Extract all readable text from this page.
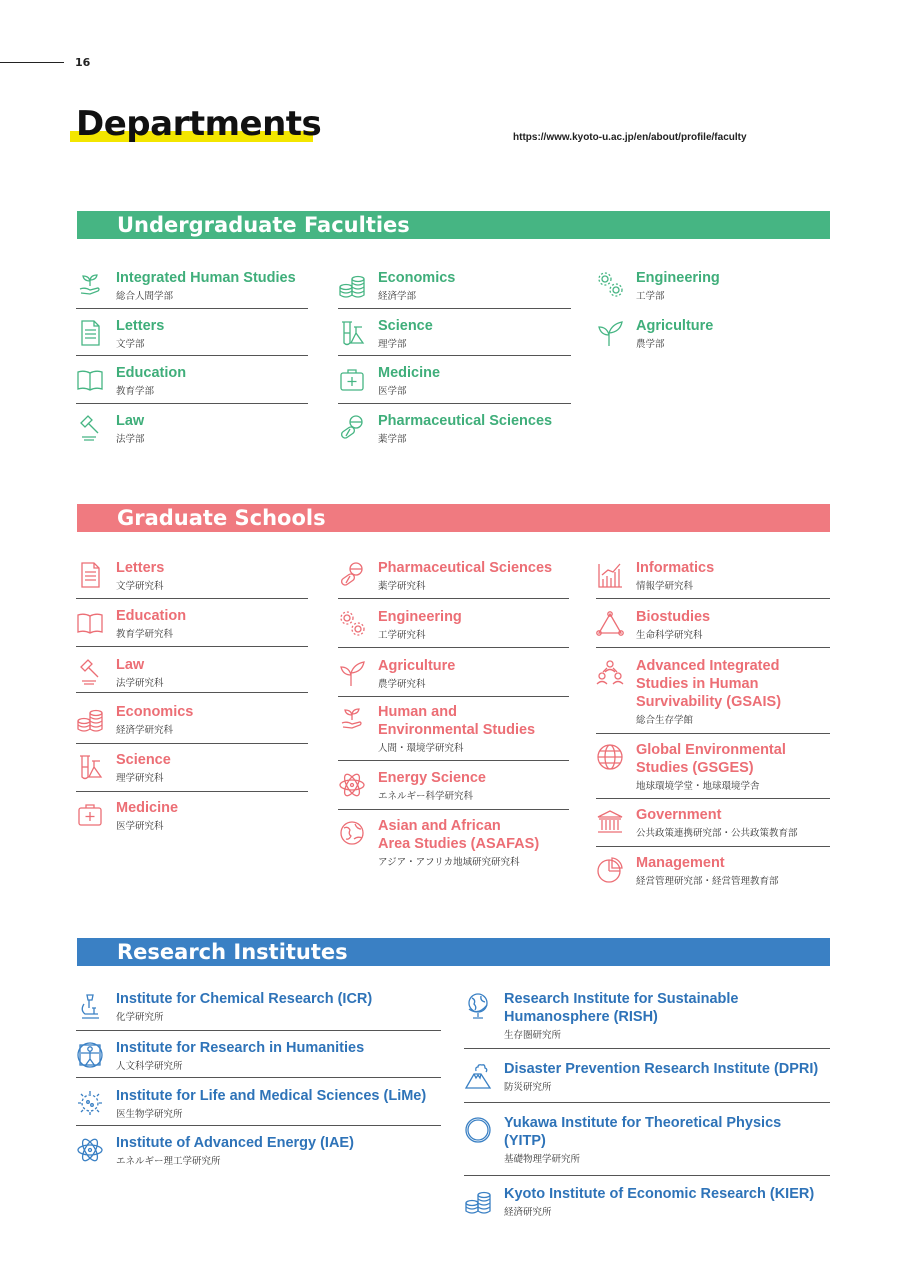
16
Departments	https://www.kyoto-u.ac.jp/en/about/profile/faculty
Undergraduate Faculties
Integrated Human Studies
総合人間学部
Letters
文学部
Education
教育学部
Law
法学部
Economics
経済学部
Science
理学部
Medicine
医学部
Pharmaceutical Sciences
薬学部
Engineering
工学部
Agriculture
農学部
Letters
文学研究科
Education
教育学研究科
Law
法学研究科
Economics
経済学研究科
Science
理学研究科
Medicine
医学研究科
Pharmaceutical Sciences
薬学研究科
Engineering
工学研究科
Agriculture
農学研究科
Human and
Environmental Studies
人間・環境学研究科
Energy Science
エネルギー科学研究科
Asian and African
Area Studies (ASAFAS)
アジア・アフリカ地域研究研究科
Informatics
情報学研究科
Biostudies
生命科学研究科
Advanced Integrated
Studies in Human
Survivability (GSAIS)
総合生存学館
Global Environmental
Studies (GSGES)
地球環境学堂・地球環境学舎
Government
公共政策連携研究部・公共政策教育部
Management
経営管理研究部・経営管理教育部
Graduate Schools
Research Institutes
Institute for Chemical Research (ICR)
化学研究所
Institute for Research in Humanities
人文科学研究所
Institute for Life and Medical Sciences (LiMe)
医生物学研究所
Institute of Advanced Energy (IAE)
エネルギー理工学研究所
Research Institute for Sustainable
Humanosphere (RISH)
生存圏研究所
Disaster Prevention Research Institute (DPRI)
防災研究所
E=mc² Yukawa Institute for Theoretical Physics
(YITP)
基礎物理学研究所
Kyoto Institute of Economic Research (KIER)
経済研究所
